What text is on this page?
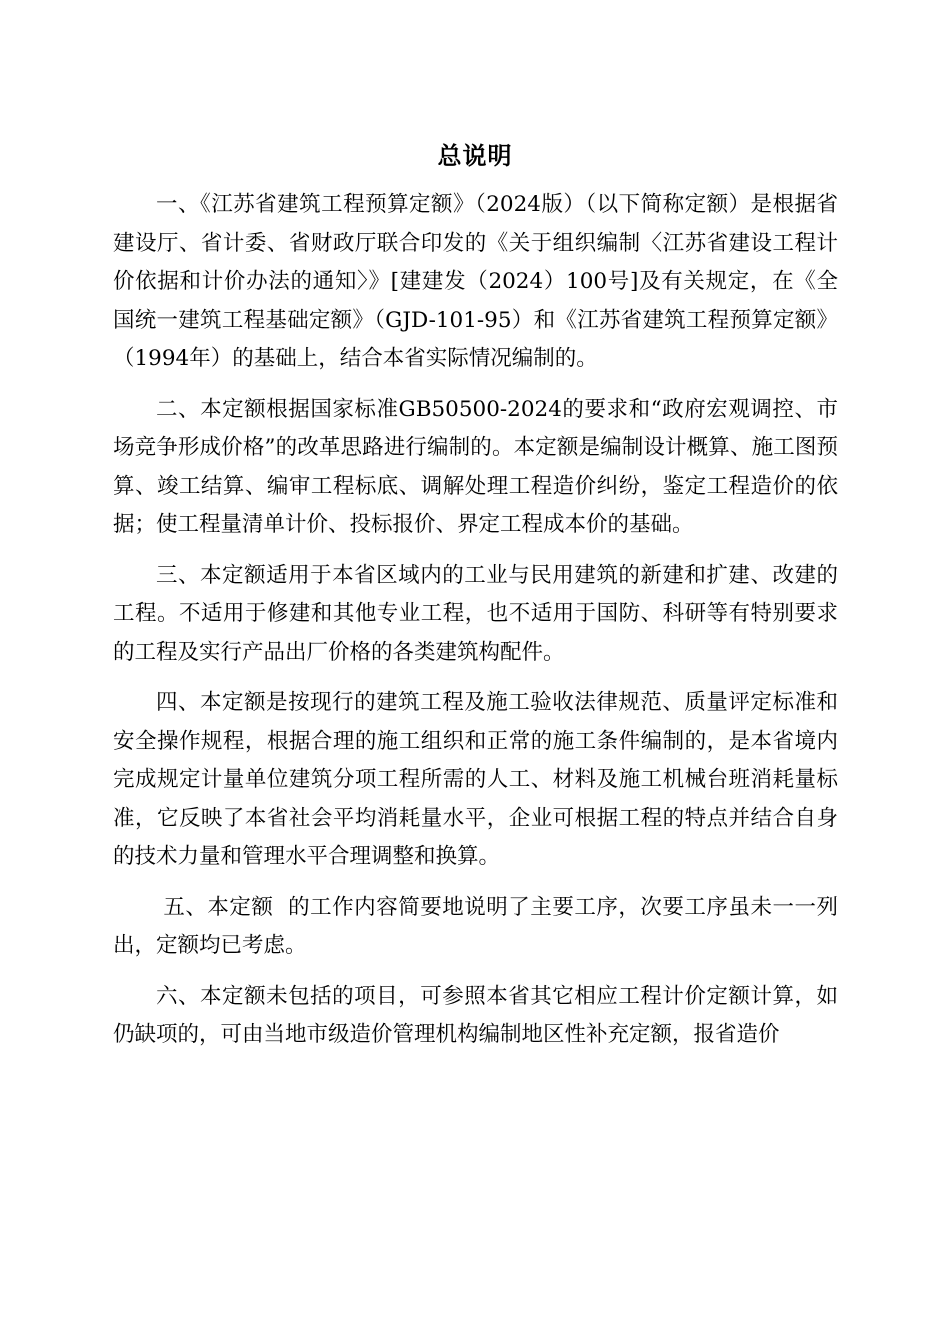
总说明

一、《江苏省建筑工程预算定额》（2024版）（以下简称定额）是根据省建设厅、省计委、省财政厅联合印发的《关于组织编制〈江苏省建设工程计价依据和计价办法的通知〉》[建建发（2024）100号]及有关规定，在《全国统一建筑工程基础定额》（GJD-101-95）和《江苏省建筑工程预算定额》（1994年）的基础上，结合本省实际情况编制的。

二、本定额根据国家标准GB50500-2024的要求和“政府宏观调控、市场竞争形成价格”的改革思路进行编制的。本定额是编制设计概算、施工图预算、竣工结算、编审工程标底、调解处理工程造价纠纷，鉴定工程造价的依据；使工程量清单计价、投标报价、界定工程成本价的基础。

三、本定额适用于本省区域内的工业与民用建筑的新建和扩建、改建的工程。不适用于修建和其他专业工程，也不适用于国防、科研等有特别要求的工程及实行产品出厂价格的各类建筑构配件。

四、本定额是按现行的建筑工程及施工验收法律规范、质量评定标准和安全操作规程，根据合理的施工组织和正常的施工条件编制的，是本省境内完成规定计量单位建筑分项工程所需的人工、材料及施工机械台班消耗量标准，它反映了本省社会平均消耗量水平，企业可根据工程的特点并结合自身的技术力量和管理水平合理调整和换算。

五、本定额  的工作内容简要地说明了主要工序，次要工序虽未一一列出，定额均已考虑。

六、本定额未包括的项目，可参照本省其它相应工程计价定额计算，如仍缺项的，可由当地市级造价管理机构编制地区性补充定额，报省造价
